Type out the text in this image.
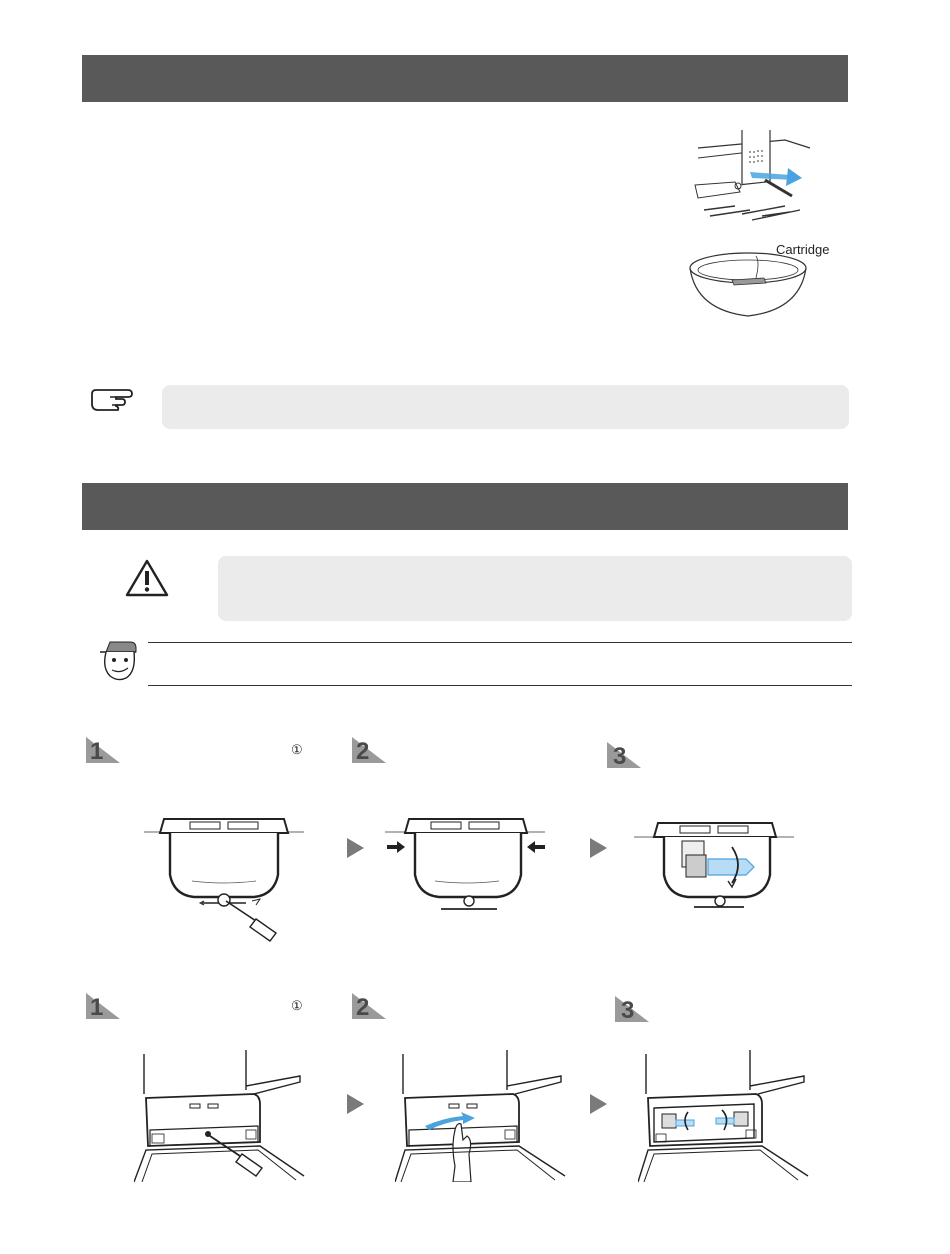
Cartridge
1	① 2	3
1	① 2	3
